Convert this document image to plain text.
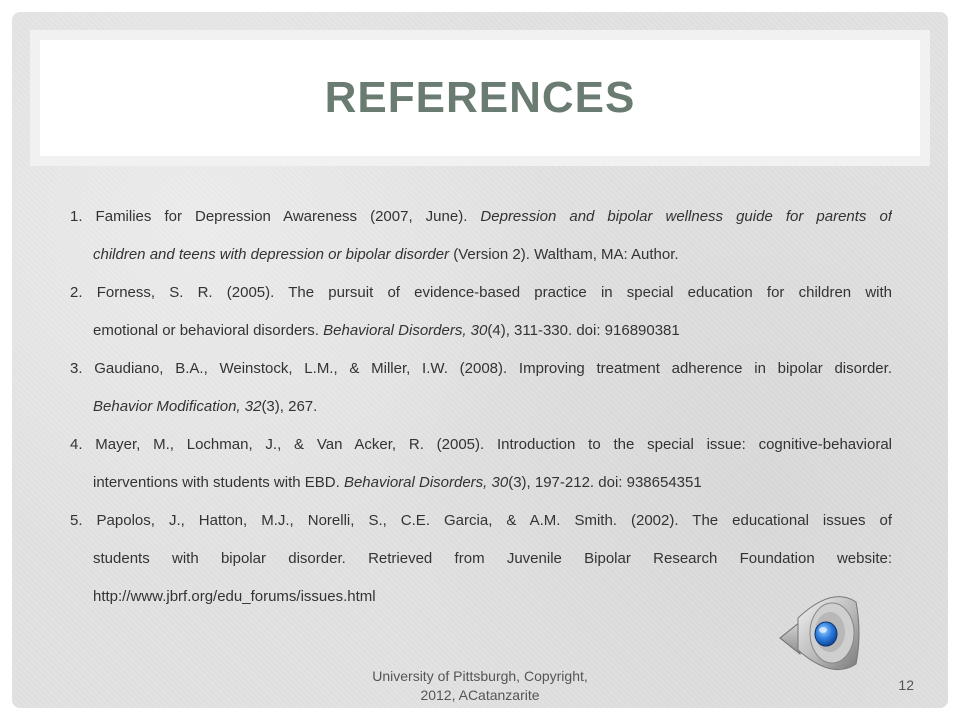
REFERENCES
1. Families for Depression Awareness (2007, June). Depression and bipolar wellness guide for parents of
children and teens with depression or bipolar disorder (Version 2). Waltham, MA: Author.
2. Forness, S. R. (2005). The pursuit of evidence-based practice in special education for children with
emotional or behavioral disorders. Behavioral Disorders, 30(4), 311-330. doi: 916890381
3. Gaudiano, B.A., Weinstock, L.M., & Miller, I.W. (2008). Improving treatment adherence in bipolar disorder.
Behavior Modification, 32(3), 267.
4. Mayer, M., Lochman, J., & Van Acker, R. (2005). Introduction to the special issue: cognitive-behavioral
interventions with students with EBD. Behavioral Disorders, 30(3), 197-212. doi: 938654351
5. Papolos, J., Hatton, M.J., Norelli, S., C.E. Garcia, & A.M. Smith. (2002). The educational issues of
students with bipolar disorder. Retrieved from Juvenile Bipolar Research Foundation website:
http://www.jbrf.org/edu_forums/issues.html
University of Pittsburgh, Copyright,
2012, ACatanzarite
12
